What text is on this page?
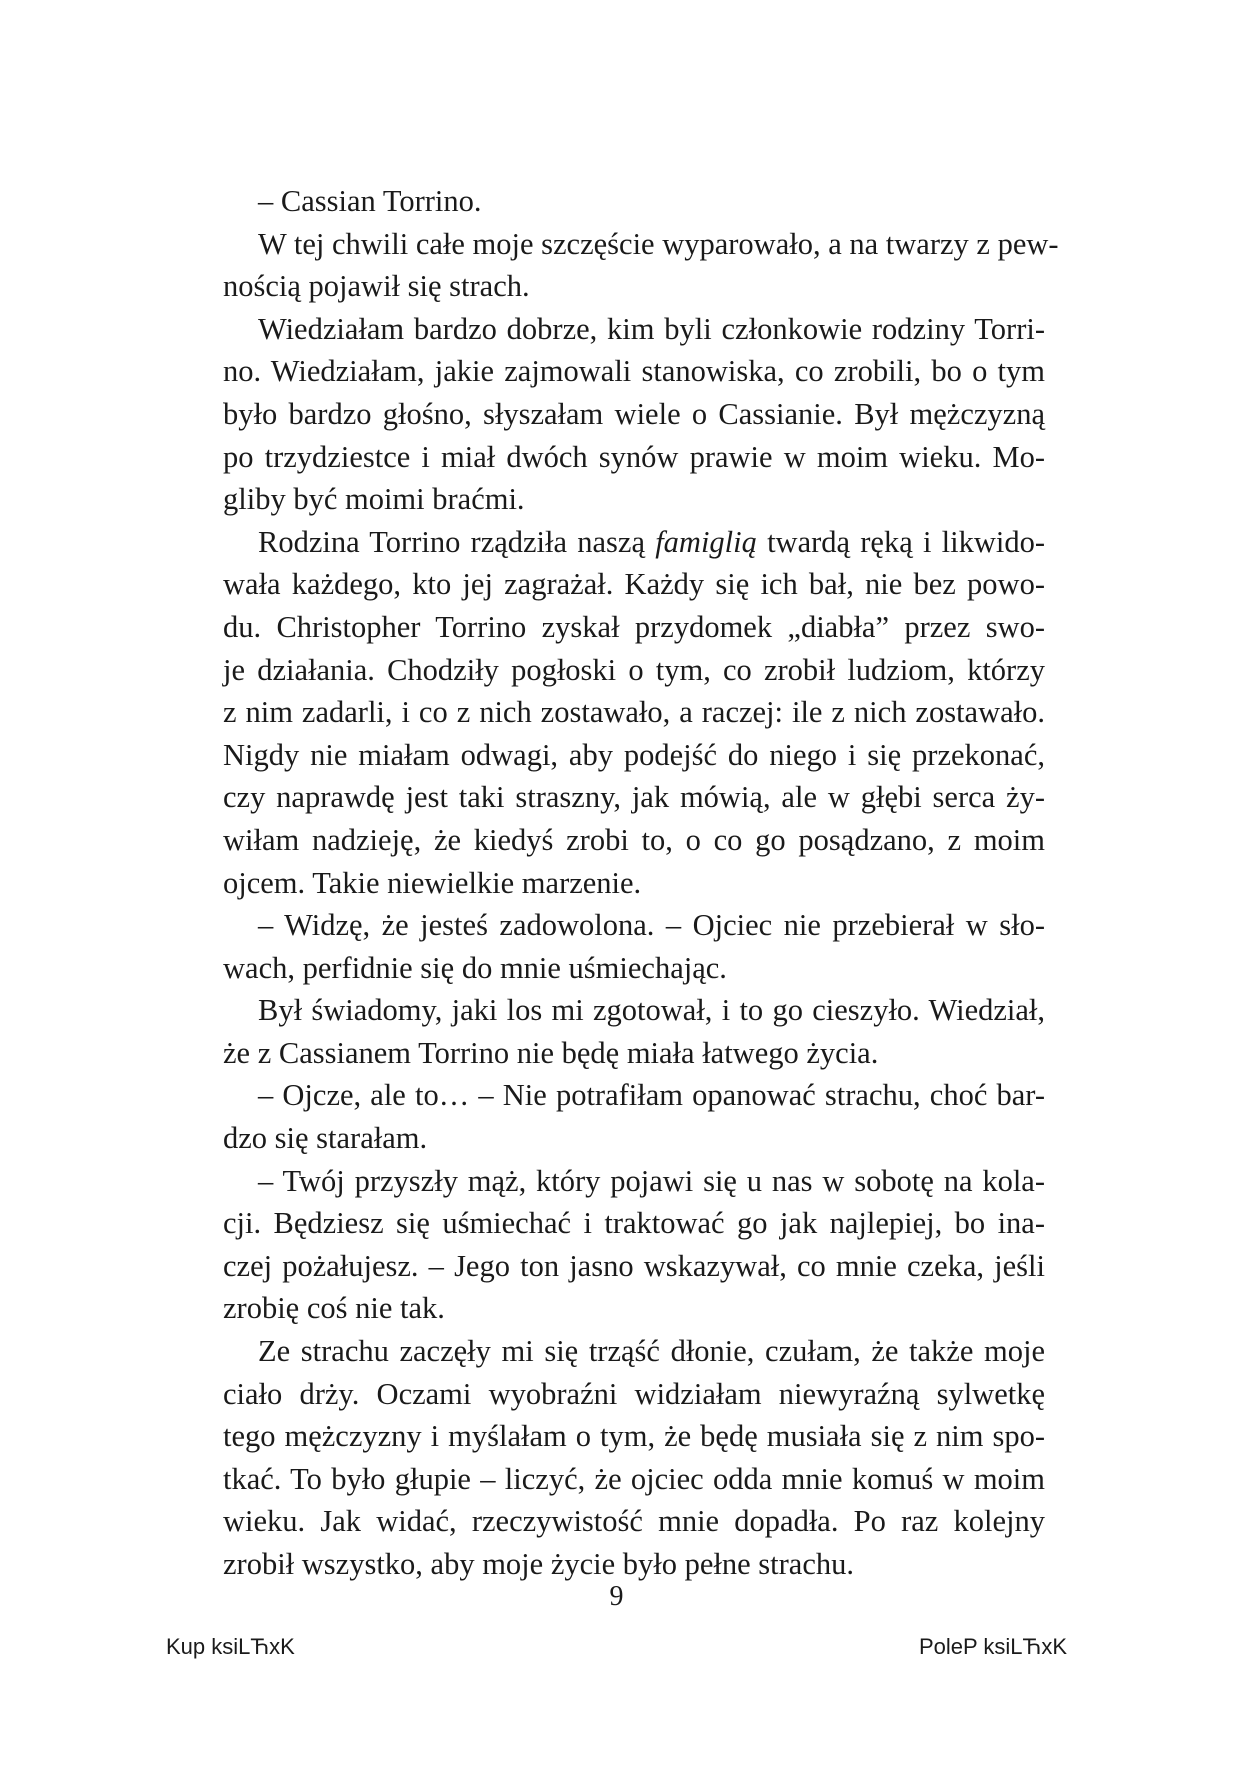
– Cassian Torrino.
W tej chwili całe moje szczęście wyparowało, a na twarzy z pew-
nością pojawił się strach.
Wiedziałam bardzo dobrze, kim byli członkowie rodziny Torri-
no. Wiedziałam, jakie zajmowali stanowiska, co zrobili, bo o tym
było bardzo głośno, słyszałam wiele o Cassianie. Był mężczyzną
po trzydziestce i miał dwóch synów prawie w moim wieku. Mo-
gliby być moimi braćmi.
Rodzina Torrino rządziła naszą famiglią twardą ręką i likwido-
wała każdego, kto jej zagrażał. Każdy się ich bał, nie bez powo-
du. Christopher Torrino zyskał przydomek „diabła” przez swo-
je działania. Chodziły pogłoski o tym, co zrobił ludziom, którzy
z nim zadarli, i co z nich zostawało, a raczej: ile z nich zostawało.
Nigdy nie miałam odwagi, aby podejść do niego i się przekonać,
czy naprawdę jest taki straszny, jak mówią, ale w głębi serca ży-
wiłam nadzieję, że kiedyś zrobi to, o co go posądzano, z moim
ojcem. Takie niewielkie marzenie.
– Widzę, że jesteś zadowolona. – Ojciec nie przebierał w sło-
wach, perfidnie się do mnie uśmiechając.
Był świadomy, jaki los mi zgotował, i to go cieszyło. Wiedział,
że z Cassianem Torrino nie będę miała łatwego życia.
– Ojcze, ale to… – Nie potrafiłam opanować strachu, choć bar-
dzo się starałam.
– Twój przyszły mąż, który pojawi się u nas w sobotę na kola-
cji. Będziesz się uśmiechać i traktować go jak najlepiej, bo ina-
czej pożałujesz. – Jego ton jasno wskazywał, co mnie czeka, jeśli
zrobię coś nie tak.
Ze strachu zaczęły mi się trząść dłonie, czułam, że także moje
ciało drży. Oczami wyobraźni widziałam niewyraźną sylwetkę
tego mężczyzny i myślałam o tym, że będę musiała się z nim spo-
tkać. To było głupie – liczyć, że ojciec odda mnie komuś w moim
wieku. Jak widać, rzeczywistość mnie dopadła. Po raz kolejny
zrobił wszystko, aby moje życie było pełne strachu.
9
Kup ksiLЋxK	PoleP ksiLЋxK
